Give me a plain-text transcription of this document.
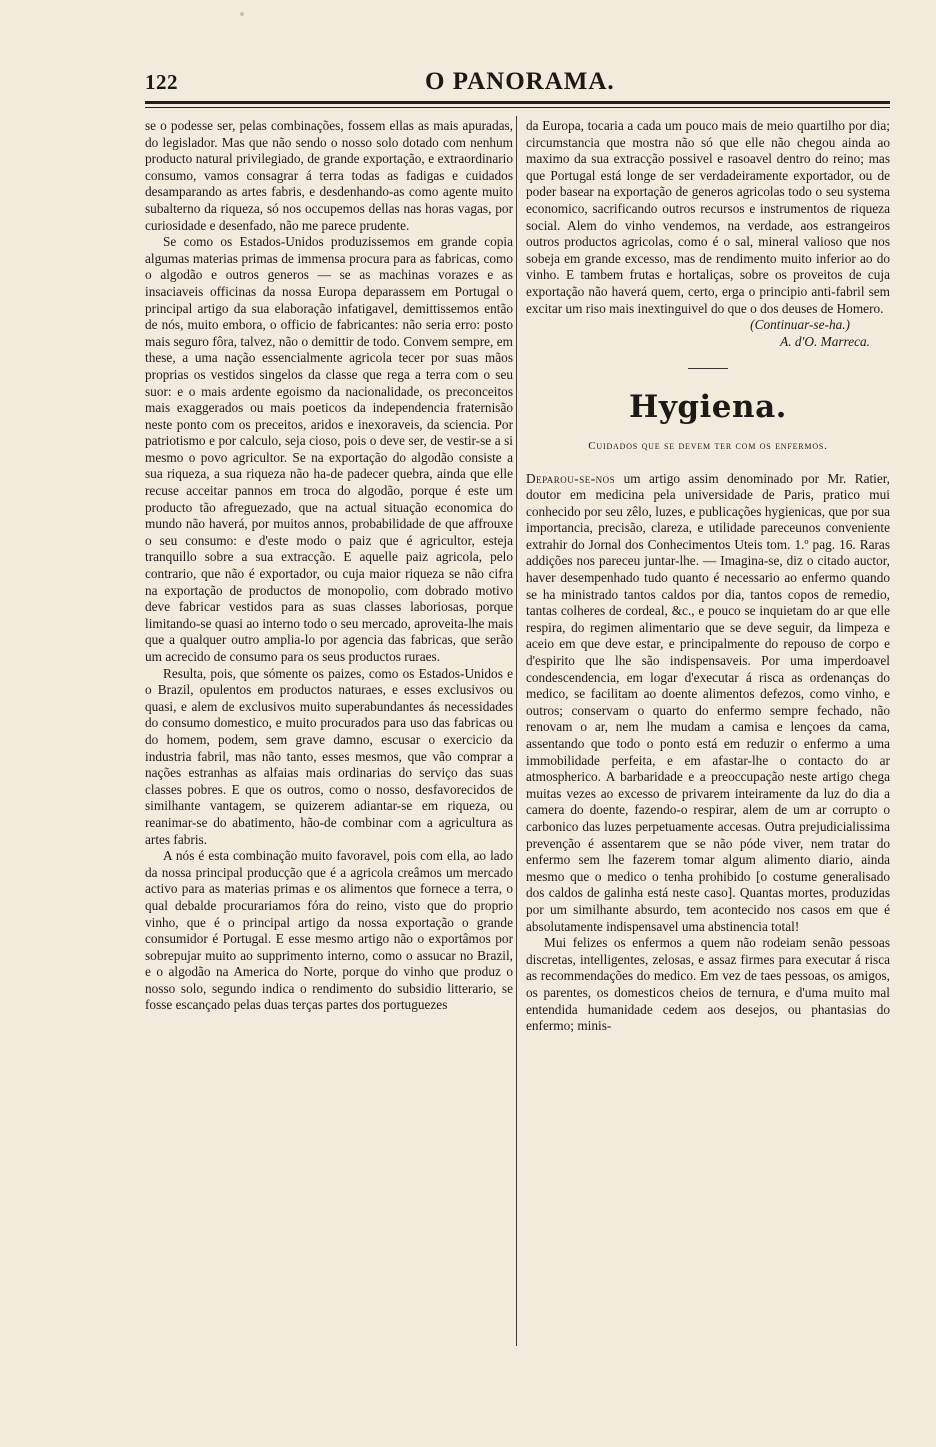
122	O PANORAMA.

se o podesse ser, pelas combinações, fossem ellas as mais apuradas, do legislador. Mas que não sendo o nosso solo dotado com nenhum producto natural privilegiado, de grande exportação, e extraordinario consumo, vamos consagrar á terra todas as fadigas e cuidados desamparando as artes fabris, e desdenhando-as como agente muito subalterno da riqueza, só nos occupemos dellas nas horas vagas, por curiosidade e desenfado, não me parece prudente.

Se como os Estados-Unidos produzissemos em grande copia algumas materias primas de immensa procura para as fabricas, como o algodão e outros generos — se as machinas vorazes e as insaciaveis officinas da nossa Europa deparassem em Portugal o principal artigo da sua elaboração infatigavel, demittissemos então de nós, muito embora, o officio de fabricantes: não seria erro: posto mais seguro fôra, talvez, não o demittir de todo. Convem sempre, em these, a uma nação essencialmente agricola tecer por suas mãos proprias os vestidos singelos da classe que rega a terra com o seu suor: e o mais ardente egoismo da nacionalidade, os preconceitos mais exaggerados ou mais poeticos da independencia fraternisão neste ponto com os preceitos, aridos e inexoraveis, da sciencia. Por patriotismo e por calculo, seja cioso, pois o deve ser, de vestir-se a si mesmo o povo agricultor. Se na exportação do algodão consiste a sua riqueza, a sua riqueza não ha-de padecer quebra, ainda que elle recuse acceitar pannos em troca do algodão, porque é este um producto tão afreguezado, que na actual situação economica do mundo não haverá, por muitos annos, probabilidade de que affrouxe o seu consumo: e d'este modo o paiz que é agricultor, esteja tranquillo sobre a sua extracção. E aquelle paiz agricola, pelo contrario, que não é exportador, ou cuja maior riqueza se não cifra na exportação de productos de monopolio, com dobrado motivo deve fabricar vestidos para as suas classes laboriosas, porque limitando-se quasi ao interno todo o seu mercado, aproveita-lhe mais que a qualquer outro amplia-lo por agencia das fabricas, que serão um acrecido de consumo para os seus productos ruraes.

Resulta, pois, que sómente os paizes, como os Estados-Unidos e o Brazil, opulentos em productos naturaes, e esses exclusivos ou quasi, e alem de exclusivos muito superabundantes ás necessidades do consumo domestico, e muito procurados para uso das fabricas ou do homem, podem, sem grave damno, escusar o exercicio da industria fabril, mas não tanto, esses mesmos, que vão comprar a nações estranhas as alfaias mais ordinarias do serviço das suas classes pobres. E que os outros, como o nosso, desfavorecidos de similhante vantagem, se quizerem adiantar-se em riqueza, ou reanimar-se do abatimento, hão-de combinar com a agricultura as artes fabris.

A nós é esta combinação muito favoravel, pois com ella, ao lado da nossa principal producção que é a agricola creâmos um mercado activo para as materias primas e os alimentos que fornece a terra, o qual debalde procurariamos fóra do reino, visto que do proprio vinho, que é o principal artigo da nossa exportação o grande consumidor é Portugal. E esse mesmo artigo não o exportâmos por sobrepujar muito ao supprimento interno, como o assucar no Brazil, e o algodão na America do Norte, porque do vinho que produz o nosso solo, segundo indica o rendimento do subsidio litterario, se fosse escançado pelas duas terças partes dos portuguezes

da Europa, tocaria a cada um pouco mais de meio quartilho por dia; circumstancia que mostra não só que elle não chegou ainda ao maximo da sua extracção possivel e rasoavel dentro do reino; mas que Portugal está longe de ser verdadeiramente exportador, ou de poder basear na exportação de generos agricolas todo o seu systema economico, sacrificando outros recursos e instrumentos de riqueza social. Alem do vinho vendemos, na verdade, aos estrangeiros outros productos agricolas, como é o sal, mineral valioso que nos sobeja em grande excesso, mas de rendimento muito inferior ao do vinho. E tambem frutas e hortaliças, sobre os proveitos de cuja exportação não haverá quem, certo, erga o principio anti-fabril sem excitar um riso mais inextinguivel do que o dos deuses de Homero.

(Continuar-se-ha.)

A. d'O. Marreca.

Hygiena.
Cuidados que se devem ter com os enfermos.

Deparou-se-nos um artigo assim denominado por Mr. Ratier, doutor em medicina pela universidade de Paris, pratico mui conhecido por seu zêlo, luzes, e publicações hygienicas, que por sua importancia, precisão, clareza, e utilidade pareceunos conveniente extrahir do Jornal dos Conhecimentos Uteis tom. 1.º pag. 16. Raras addições nos pareceu juntar-lhe. — Imagina-se, diz o citado auctor, haver desempenhado tudo quanto é necessario ao enfermo quando se ha ministrado tantos caldos por dia, tantos copos de remedio, tantas colheres de cordeal, &c., e pouco se inquietam do ar que elle respira, do regimen alimentario que se deve seguir, da limpeza e aceio em que deve estar, e principalmente do repouso de corpo e d'espirito que lhe são indispensaveis. Por uma imperdoavel condescendencia, em logar d'executar á risca as ordenanças do medico, se facilitam ao doente alimentos defezos, como vinho, e outros; conservam o quarto do enfermo sempre fechado, não renovam o ar, nem lhe mudam a camisa e lençoes da cama, assentando que todo o ponto está em reduzir o enfermo a uma immobilidade perfeita, e em afastar-lhe o contacto do ar atmospherico. A barbaridade e a preoccupação neste artigo chega muitas vezes ao excesso de privarem inteiramente da luz do dia a camera do doente, fazendo-o respirar, alem de um ar corrupto o carbonico das luzes perpetuamente accesas. Outra prejudicialissima prevenção é assentarem que se não póde viver, nem tratar do enfermo sem lhe fazerem tomar algum alimento diario, ainda mesmo que o medico o tenha prohibido [o costume generalisado dos caldos de galinha está neste caso]. Quantas mortes, produzidas por um similhante absurdo, tem acontecido nos casos em que é absolutamente indispensavel uma abstinencia total!

Mui felizes os enfermos a quem não rodeiam senão pessoas discretas, intelligentes, zelosas, e assaz firmes para executar á risca as recommendações do medico. Em vez de taes pessoas, os amigos, os parentes, os domesticos cheios de ternura, e d'uma muito mal entendida humanidade cedem aos desejos, ou phantasias do enfermo; minis-
